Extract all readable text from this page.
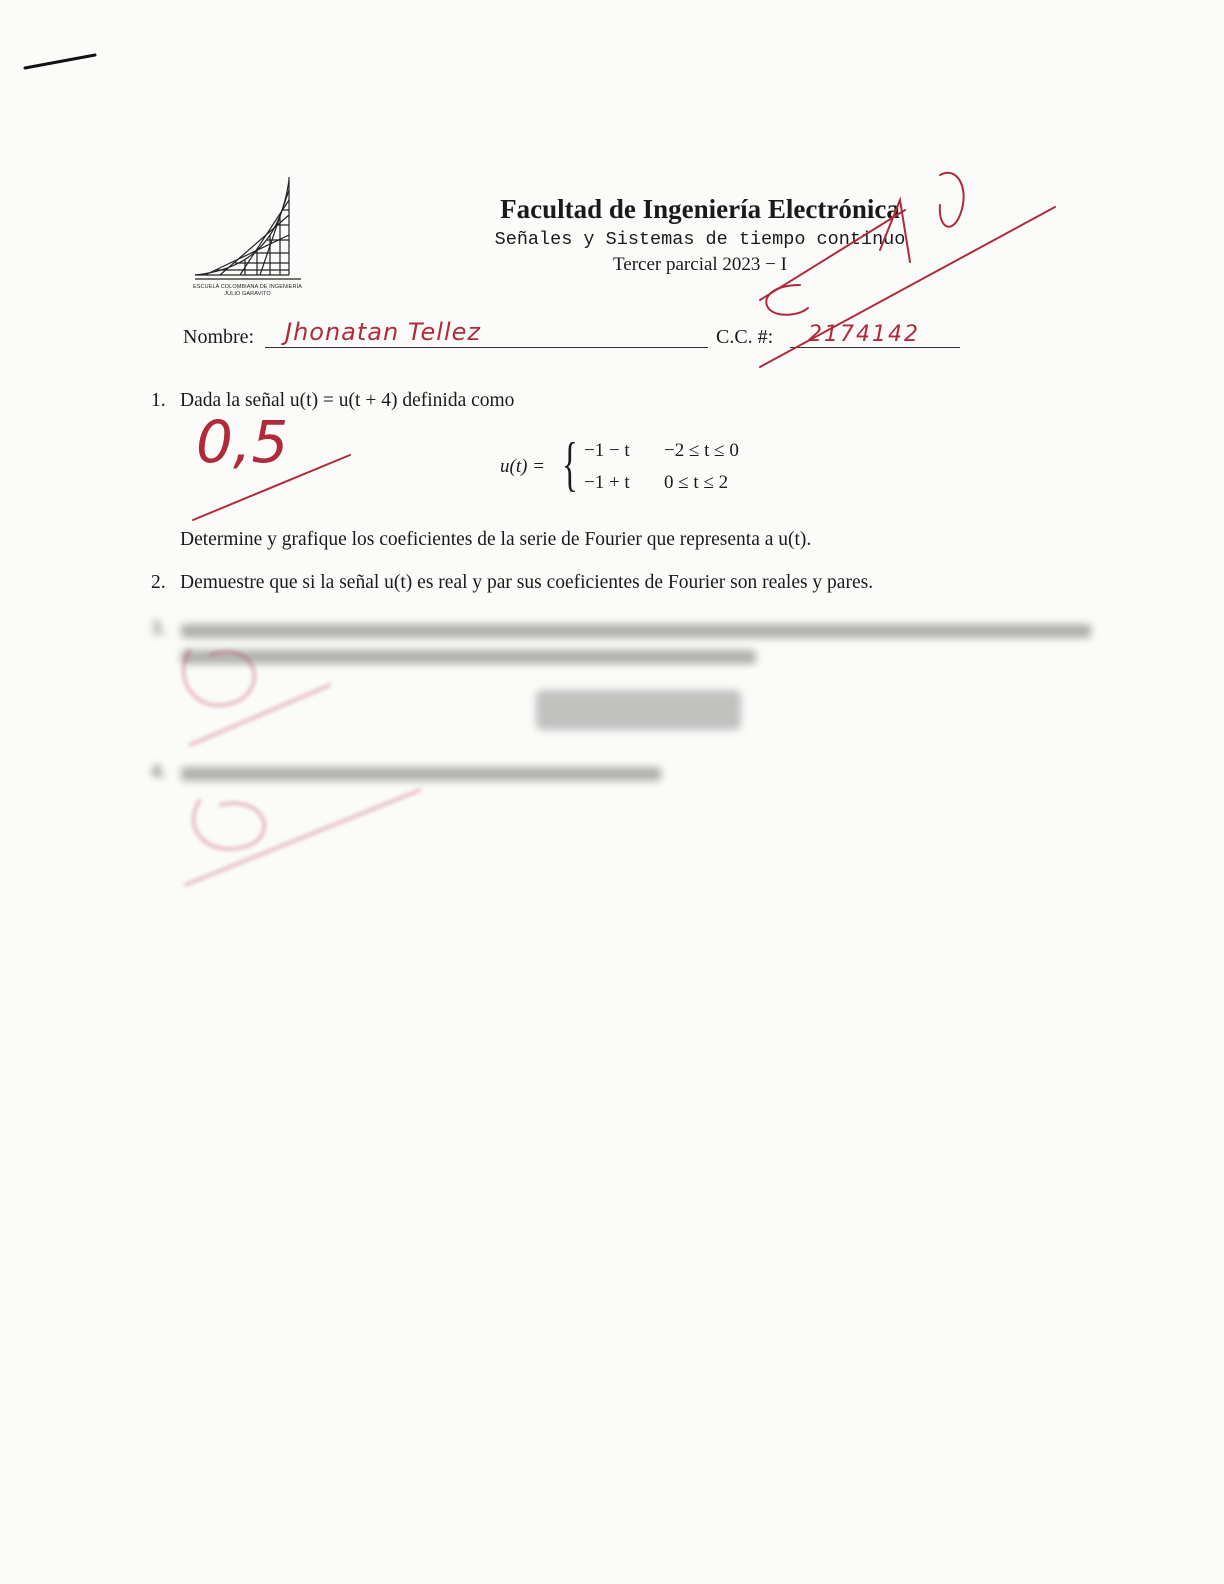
ESCUELA COLOMBIANA DE INGENIERÍA
JULIO GARAVITO
Facultad de Ingeniería Electrónica
Señales y Sistemas de tiempo continuo
Tercer parcial 2023 − I
Nombre: Jhonatan Tellez	C.C. #: 2174142
1. Dada la señal u(t) = u(t + 4) definida como
u(t) = { −1 − t −2 ≤ t ≤ 0
−1 + t 0 ≤ t ≤ 2
Determine y grafique los coeficientes de la serie de Fourier que representa a u(t).
2. Demuestre que si la señal u(t) es real y par sus coeficientes de Fourier son reales y pares.
3.
4.
0,5
